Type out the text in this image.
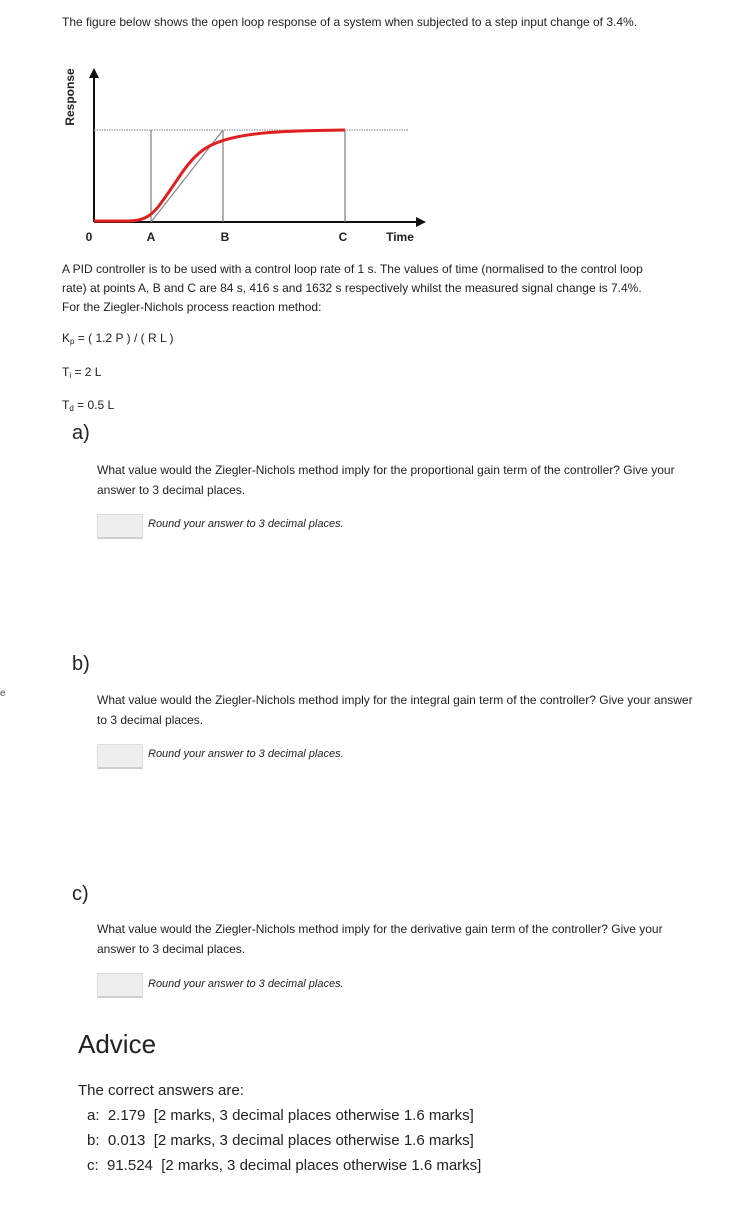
The figure below shows the open loop response of a system when subjected to a step input change of 3.4%.
Response
0	A	B	C	Time
A PID controller is to be used with a control loop rate of 1 s. The values of time (normalised to the control loop rate) at points A, B and C are 84 s, 416 s and 1632 s respectively whilst the measured signal change is 7.4%. For the Ziegler-Nichols process reaction method:
$K_p$ = ( 1.2 P ) / ( R L )
$T_i = 2$ L
$T_d = 0.5$ L
a)
What value would the Ziegler-Nichols method imply for the proportional gain term of the controller? Give your answer to 3 decimal places.
Round your answer to 3 decimal places.
b)
What value would the Ziegler-Nichols method imply for the integral gain term of the controller? Give your answer to 3 decimal places.
Round your answer to 3 decimal places.
c)
What value would the Ziegler-Nichols method imply for the derivative gain term of the controller? Give your answer to 3 decimal places.
Round your answer to 3 decimal places.
Advice
The correct answers are:
a:  2.179  [2 marks, 3 decimal places otherwise 1.6 marks]
b:  0.013  [2 marks, 3 decimal places otherwise 1.6 marks]
c:  91.524  [2 marks, 3 decimal places otherwise 1.6 marks]
e
